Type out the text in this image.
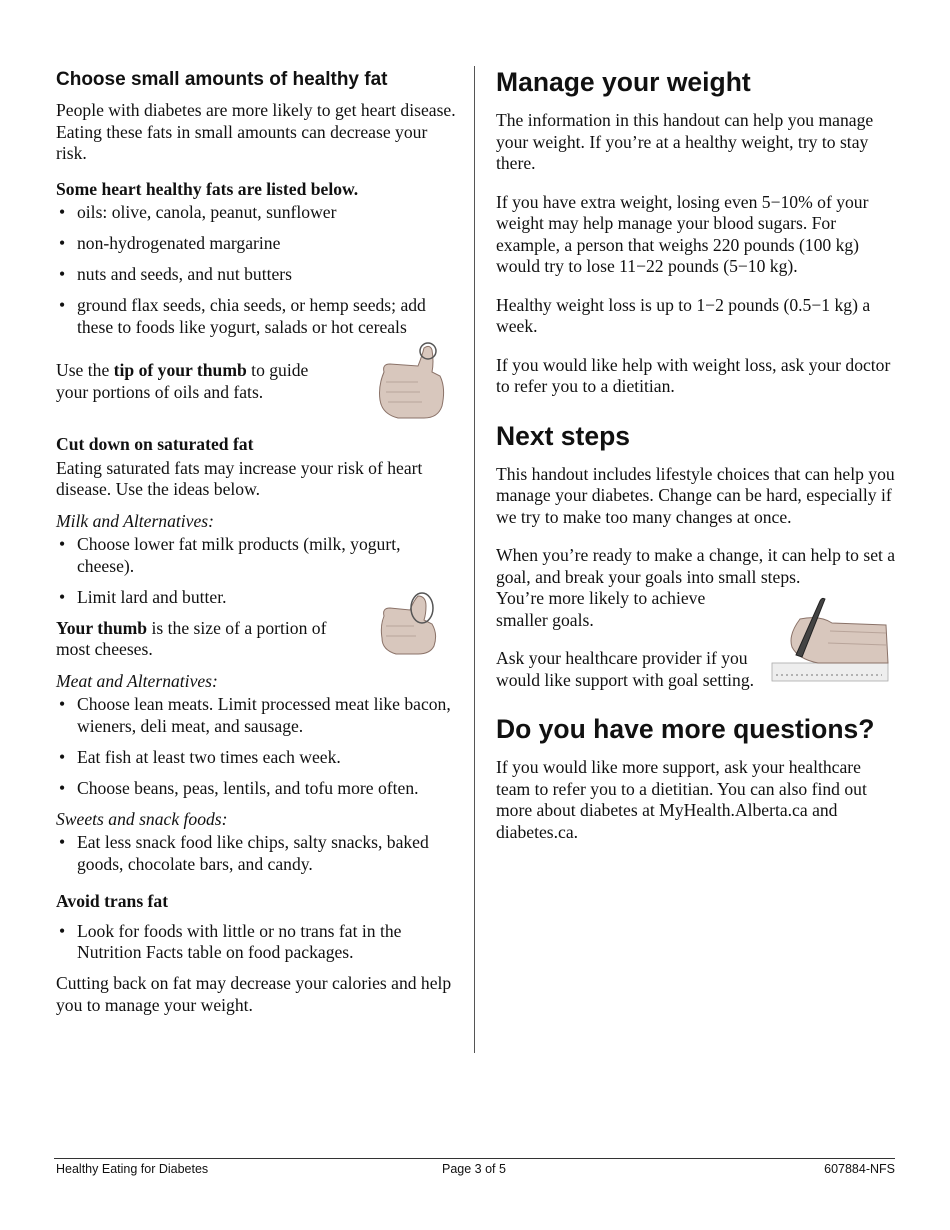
Choose small amounts of healthy fat

People with diabetes are more likely to get heart disease. Eating these fats in small amounts can decrease your risk.

Some heart healthy fats are listed below.

• oils: olive, canola, peanut, sunflower
• non-hydrogenated margarine
• nuts and seeds, and nut butters
• ground flax seeds, chia seeds, or hemp seeds; add these to foods like yogurt, salads or hot cereals

Use the tip of your thumb to guide your portions of oils and fats.

Cut down on saturated fat

Eating saturated fats may increase your risk of heart disease. Use the ideas below.

Milk and Alternatives:

• Choose lower fat milk products (milk, yogurt, cheese).
• Limit lard and butter.

Your thumb is the size of a portion of most cheeses.

Meat and Alternatives:

• Choose lean meats. Limit processed meat like bacon, wieners, deli meat, and sausage.
• Eat fish at least two times each week.
• Choose beans, peas, lentils, and tofu more often.

Sweets and snack foods:

• Eat less snack food like chips, salty snacks, baked goods, chocolate bars, and candy.

Avoid trans fat

• Look for foods with little or no trans fat in the Nutrition Facts table on food packages.

Cutting back on fat may decrease your calories and help you to manage your weight.

Manage your weight

The information in this handout can help you manage your weight. If you’re at a healthy weight, try to stay there.

If you have extra weight, losing even 5−10% of your weight may help manage your blood sugars. For example, a person that weighs 220 pounds (100 kg) would try to lose 11−22 pounds (5−10 kg).

Healthy weight loss is up to 1−2 pounds (0.5−1 kg) a week.

If you would like help with weight loss, ask your doctor to refer you to a dietitian.

Next steps

This handout includes lifestyle choices that can help you manage your diabetes. Change can be hard, especially if we try to make too many changes at once.

When you’re ready to make a change, it can help to set a goal, and break your goals into small steps.

You’re more likely to achieve smaller goals.

Ask your healthcare provider if you would like support with goal setting.

Do you have more questions?

If you would like more support, ask your healthcare team to refer you to a dietitian. You can also find out more about diabetes at MyHealth.Alberta.ca and diabetes.ca.

Healthy Eating for Diabetes	Page 3 of 5	607884-NFS
